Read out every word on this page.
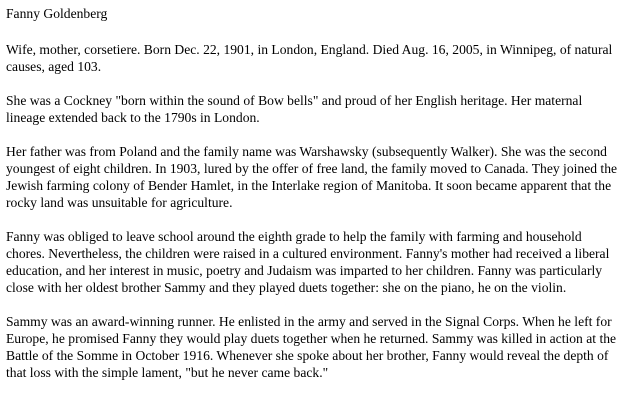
Fanny Goldenberg

Wife, mother, corsetiere. Born Dec. 22, 1901, in London, England. Died Aug. 16, 2005, in Winnipeg, of natural causes, aged 103.

She was a Cockney "born within the sound of Bow bells" and proud of her English heritage. Her maternal lineage extended back to the 1790s in London.

Her father was from Poland and the family name was Warshawsky (subsequently Walker). She was the second youngest of eight children. In 1903, lured by the offer of free land, the family moved to Canada. They joined the Jewish farming colony of Bender Hamlet, in the Interlake region of Manitoba. It soon became apparent that the rocky land was unsuitable for agriculture.

Fanny was obliged to leave school around the eighth grade to help the family with farming and household chores. Nevertheless, the children were raised in a cultured environment. Fanny's mother had received a liberal education, and her interest in music, poetry and Judaism was imparted to her children. Fanny was particularly close with her oldest brother Sammy and they played duets together: she on the piano, he on the violin.

Sammy was an award-winning runner. He enlisted in the army and served in the Signal Corps. When he left for Europe, he promised Fanny they would play duets together when he returned. Sammy was killed in action at the Battle of the Somme in October 1916. Whenever she spoke about her brother, Fanny would reveal the depth of that loss with the simple lament, "but he never came back."
